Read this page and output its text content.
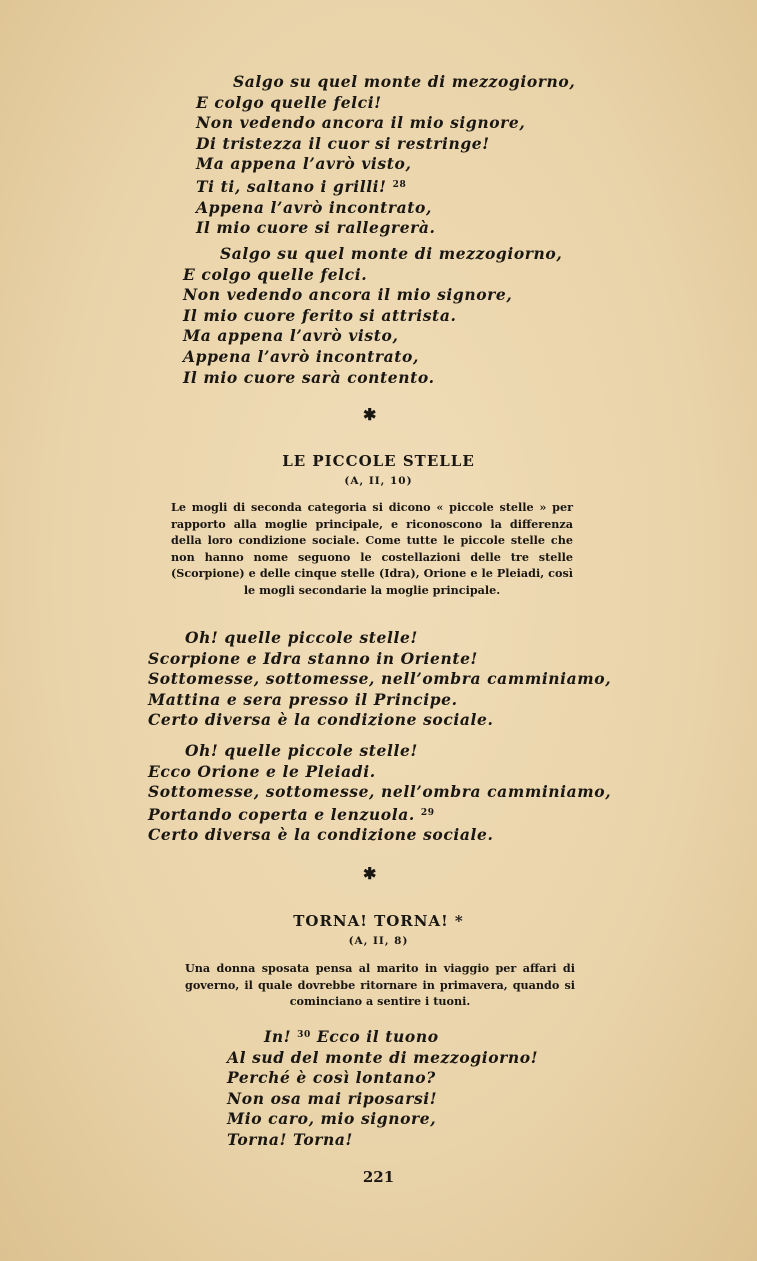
Salgo su quel monte di mezzogiorno,
E colgo quelle felci!
Non vedendo ancora il mio signore,
Di tristezza il cuor si restringe!
Ma appena l’avrò visto,
Ti ti, saltano i grilli! $^{28}$
Appena l’avrò incontrato,
Il mio cuore si rallegrerà.
Salgo su quel monte di mezzogiorno,
E colgo quelle felci.
Non vedendo ancora il mio signore,
Il mio cuore ferito si attrista.
Ma appena l’avrò visto,
Appena l’avrò incontrato,
Il mio cuore sarà contento.
✱
LE PICCOLE STELLE
(A, II, 10)
Le mogli di seconda categoria si dicono « piccole stelle » per rapporto alla moglie principale, e riconoscono la differenza della loro condizione sociale. Come tutte le piccole stelle che non hanno nome seguono le costellazioni delle tre stelle (Scorpione) e delle cinque stelle (Idra), Orione e le Pleiadi, così le mogli secondarie la moglie principale.
Oh! quelle piccole stelle!
Scorpione e Idra stanno in Oriente!
Sottomesse, sottomesse, nell’ombra camminiamo,
Mattina e sera presso il Principe.
Certo diversa è la condizione sociale.
Oh! quelle piccole stelle!
Ecco Orione e le Pleiadi.
Sottomesse, sottomesse, nell’ombra camminiamo,
Portando coperta e lenzuola. $^{29}$
Certo diversa è la condizione sociale.
✱
TORNA! TORNA! *
(A, II, 8)
Una donna sposata pensa al marito in viaggio per affari di governo, il quale dovrebbe ritornare in primavera, quando si cominciano a sentire i tuoni.
In! $^{30}$ Ecco il tuono
Al sud del monte di mezzogiorno!
Perché è così lontano?
Non osa mai riposarsi!
Mio caro, mio signore,
Torna! Torna!
221
